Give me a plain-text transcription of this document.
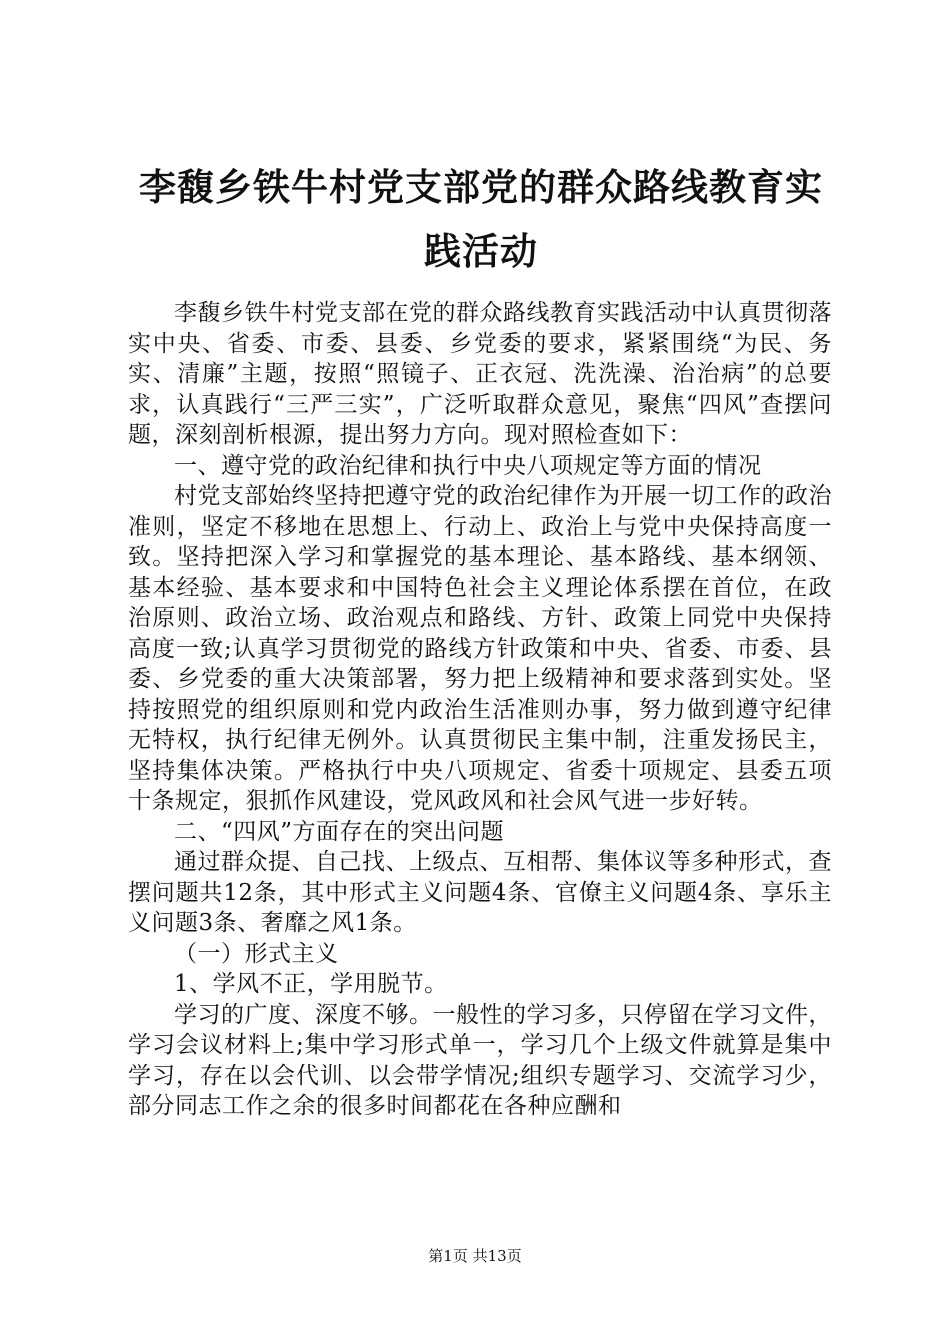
李馥乡铁牛村党支部党的群众路线教育实践活动

李馥乡铁牛村党支部在党的群众路线教育实践活动中认真贯彻落实中央、省委、市委、县委、乡党委的要求，紧紧围绕“为民、务实、清廉”主题，按照“照镜子、正衣冠、洗洗澡、治治病”的总要求，认真践行“三严三实”，广泛听取群众意见，聚焦“四风”查摆问题，深刻剖析根源，提出努力方向。现对照检查如下：

一、遵守党的政治纪律和执行中央八项规定等方面的情况

村党支部始终坚持把遵守党的政治纪律作为开展一切工作的政治准则，坚定不移地在思想上、行动上、政治上与党中央保持高度一致。坚持把深入学习和掌握党的基本理论、基本路线、基本纲领、基本经验、基本要求和中国特色社会主义理论体系摆在首位，在政治原则、政治立场、政治观点和路线、方针、政策上同党中央保持高度一致;认真学习贯彻党的路线方针政策和中央、省委、市委、县委、乡党委的重大决策部署，努力把上级精神和要求落到实处。坚持按照党的组织原则和党内政治生活准则办事，努力做到遵守纪律无特权，执行纪律无例外。认真贯彻民主集中制，注重发扬民主，坚持集体决策。严格执行中央八项规定、省委十项规定、县委五项十条规定，狠抓作风建设，党风政风和社会风气进一步好转。

二、“四风”方面存在的突出问题

通过群众提、自己找、上级点、互相帮、集体议等多种形式，查摆问题共12条，其中形式主义问题4条、官僚主义问题4条、享乐主义问题3条、奢靡之风1条。

（一）形式主义

1、学风不正，学用脱节。

学习的广度、深度不够。一般性的学习多，只停留在学习文件，学习会议材料上;集中学习形式单一，学习几个上级文件就算是集中学习，存在以会代训、以会带学情况;组织专题学习、交流学习少，部分同志工作之余的很多时间都花在各种应酬和

第1页 共13页
